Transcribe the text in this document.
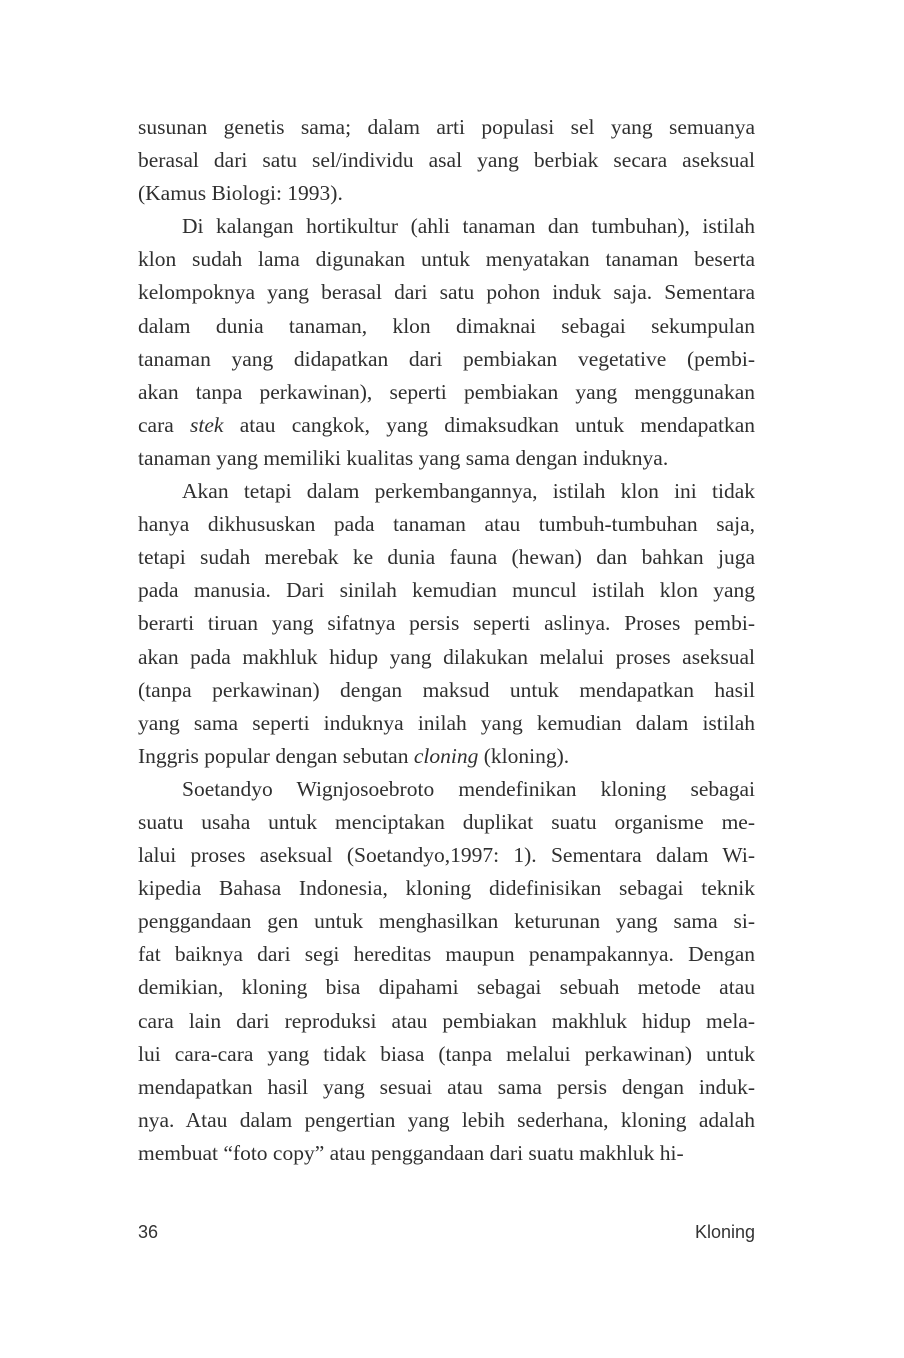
susunan genetis sama; dalam arti populasi sel yang semuanya
berasal dari satu sel/individu asal yang berbiak secara aseksual
(Kamus Biologi: 1993).
Di kalangan hortikultur (ahli tanaman dan tumbuhan), istilah
klon sudah lama digunakan untuk menyatakan tanaman beserta
kelompoknya yang berasal dari satu pohon induk saja. Sementara
dalam dunia tanaman, klon dimaknai sebagai sekumpulan
tanaman yang didapatkan dari pembiakan vegetative (pembi-
akan tanpa perkawinan), seperti pembiakan yang menggunakan
cara stek atau cangkok, yang dimaksudkan untuk mendapatkan
tanaman yang memiliki kualitas yang sama dengan induknya.
Akan tetapi dalam perkembangannya, istilah klon ini tidak
hanya dikhususkan pada tanaman atau tumbuh-tumbuhan saja,
tetapi sudah merebak ke dunia fauna (hewan) dan bahkan juga
pada manusia. Dari sinilah kemudian muncul istilah klon yang
berarti tiruan yang sifatnya persis seperti aslinya. Proses pembi-
akan pada makhluk hidup yang dilakukan melalui proses aseksual
(tanpa perkawinan) dengan maksud untuk mendapatkan hasil
yang sama seperti induknya inilah yang kemudian dalam istilah
Inggris popular dengan sebutan cloning (kloning).
Soetandyo Wignjosoebroto mendefinikan kloning sebagai
suatu usaha untuk menciptakan duplikat suatu organisme me-
lalui proses aseksual (Soetandyo,1997: 1). Sementara dalam Wi-
kipedia Bahasa Indonesia, kloning didefinisikan sebagai teknik
penggandaan gen untuk menghasilkan keturunan yang sama si-
fat baiknya dari segi hereditas maupun penampakannya. Dengan
demikian, kloning bisa dipahami sebagai sebuah metode atau
cara lain dari reproduksi atau pembiakan makhluk hidup mela-
lui cara-cara yang tidak biasa (tanpa melalui perkawinan) untuk
mendapatkan hasil yang sesuai atau sama persis dengan induk-
nya. Atau dalam pengertian yang lebih sederhana, kloning adalah
membuat “foto copy” atau penggandaan dari suatu makhluk hi-
36	Kloning
